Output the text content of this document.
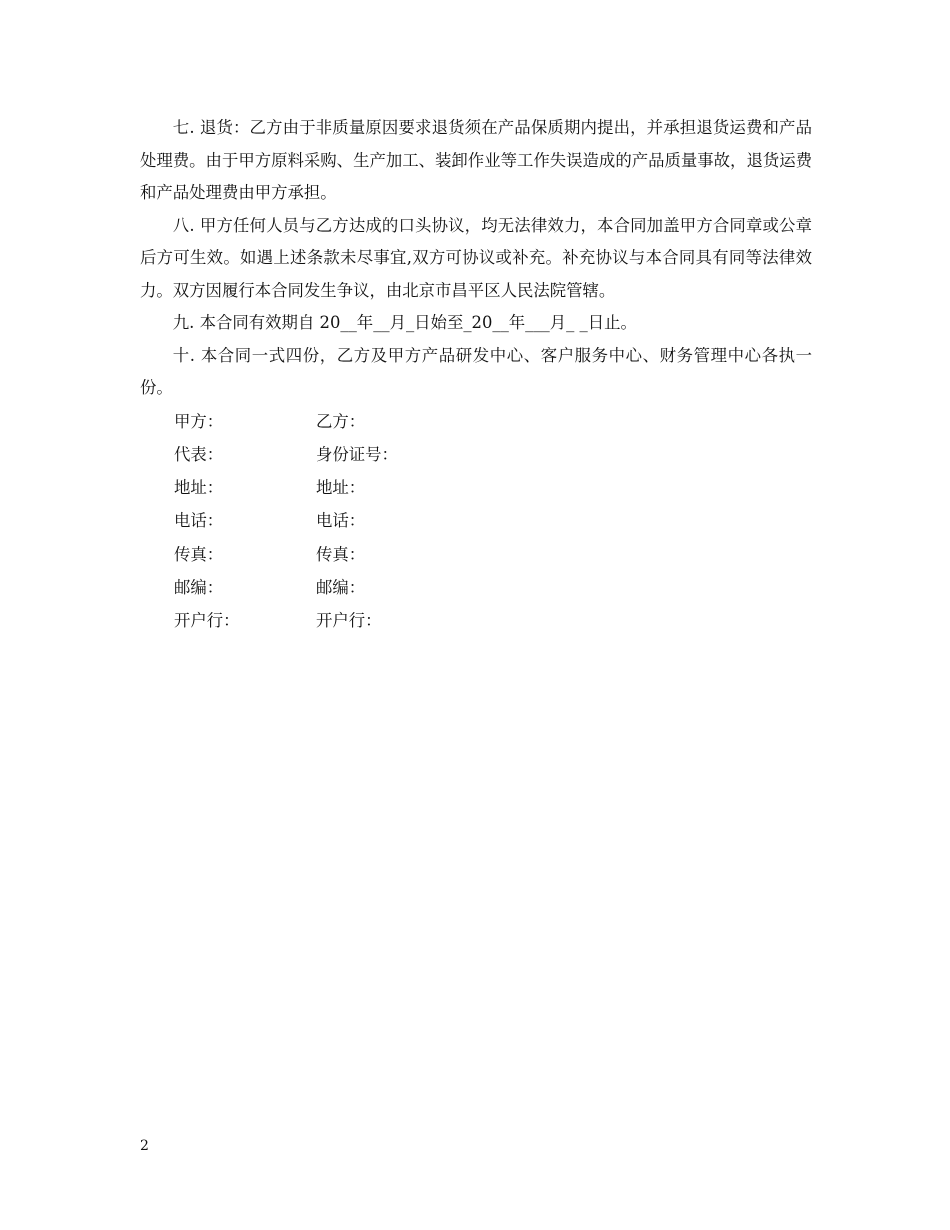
七. 退货：乙方由于非质量原因要求退货须在产品保质期内提出，并承担退货运费和产品处理费。由于甲方原料采购、生产加工、装卸作业等工作失误造成的产品质量事故，退货运费和产品处理费由甲方承担。

八. 甲方任何人员与乙方达成的口头协议，均无法律效力，本合同加盖甲方合同章或公章后方可生效。如遇上述条款未尽事宜,双方可协议或补充。补充协议与本合同具有同等法律效力。双方因履行本合同发生争议，由北京市昌平区人民法院管辖。

九. 本合同有效期自 20__年__月_日始至_20__年___月_ _日止。

十. 本合同一式四份，乙方及甲方产品研发中心、客户服务中心、财务管理中心各执一份。

甲方：	乙方：
代表：	身份证号：
地址：	地址：
电话：	电话：
传真：	传真：
邮编：	邮编：
开户行：	开户行：
2
